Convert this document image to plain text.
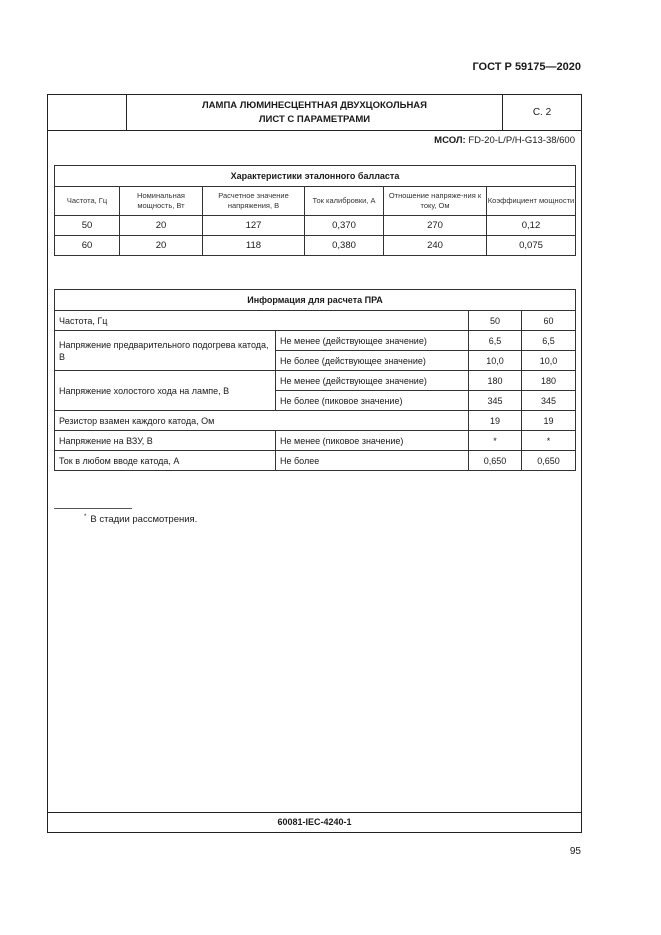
ГОСТ Р 59175—2020
ЛАМПА ЛЮМИНЕСЦЕНТНАЯ ДВУХЦОКОЛЬНАЯ
ЛИСТ С ПАРАМЕТРАМИ
С. 2
МСОЛ: FD-20-L/P/H-G13-38/600
Характеристики эталонного балласта					
Частота, Гц	Номинальная мощность, Вт	Расчетное значение напряжения, В	Ток калибровки, А	Отношение напряже-ния к току, Ом	Коэффициент мощности
50	20	127	0,370	270	0,12
60	20	118	0,380	240	0,075
Информация для расчета ПРА			
Частота, Гц		50	60
Напряжение предварительного подогрева катода, В	Не менее (действующее значение)	6,5	6,5
	Не более (действующее значение)	10,0	10,0
Напряжение холостого хода на лампе, В	Не менее (действующее значение)	180	180
	Не более (пиковое значение)	345	345
Резистор взамен каждого катода, Ом		19	19
Напряжение на ВЗУ, В	Не менее (пиковое значение)	*	*
Ток в любом вводе катода, А	Не более	0,650	0,650
60081-IEC-4240-1
* В стадии рассмотрения.
95
